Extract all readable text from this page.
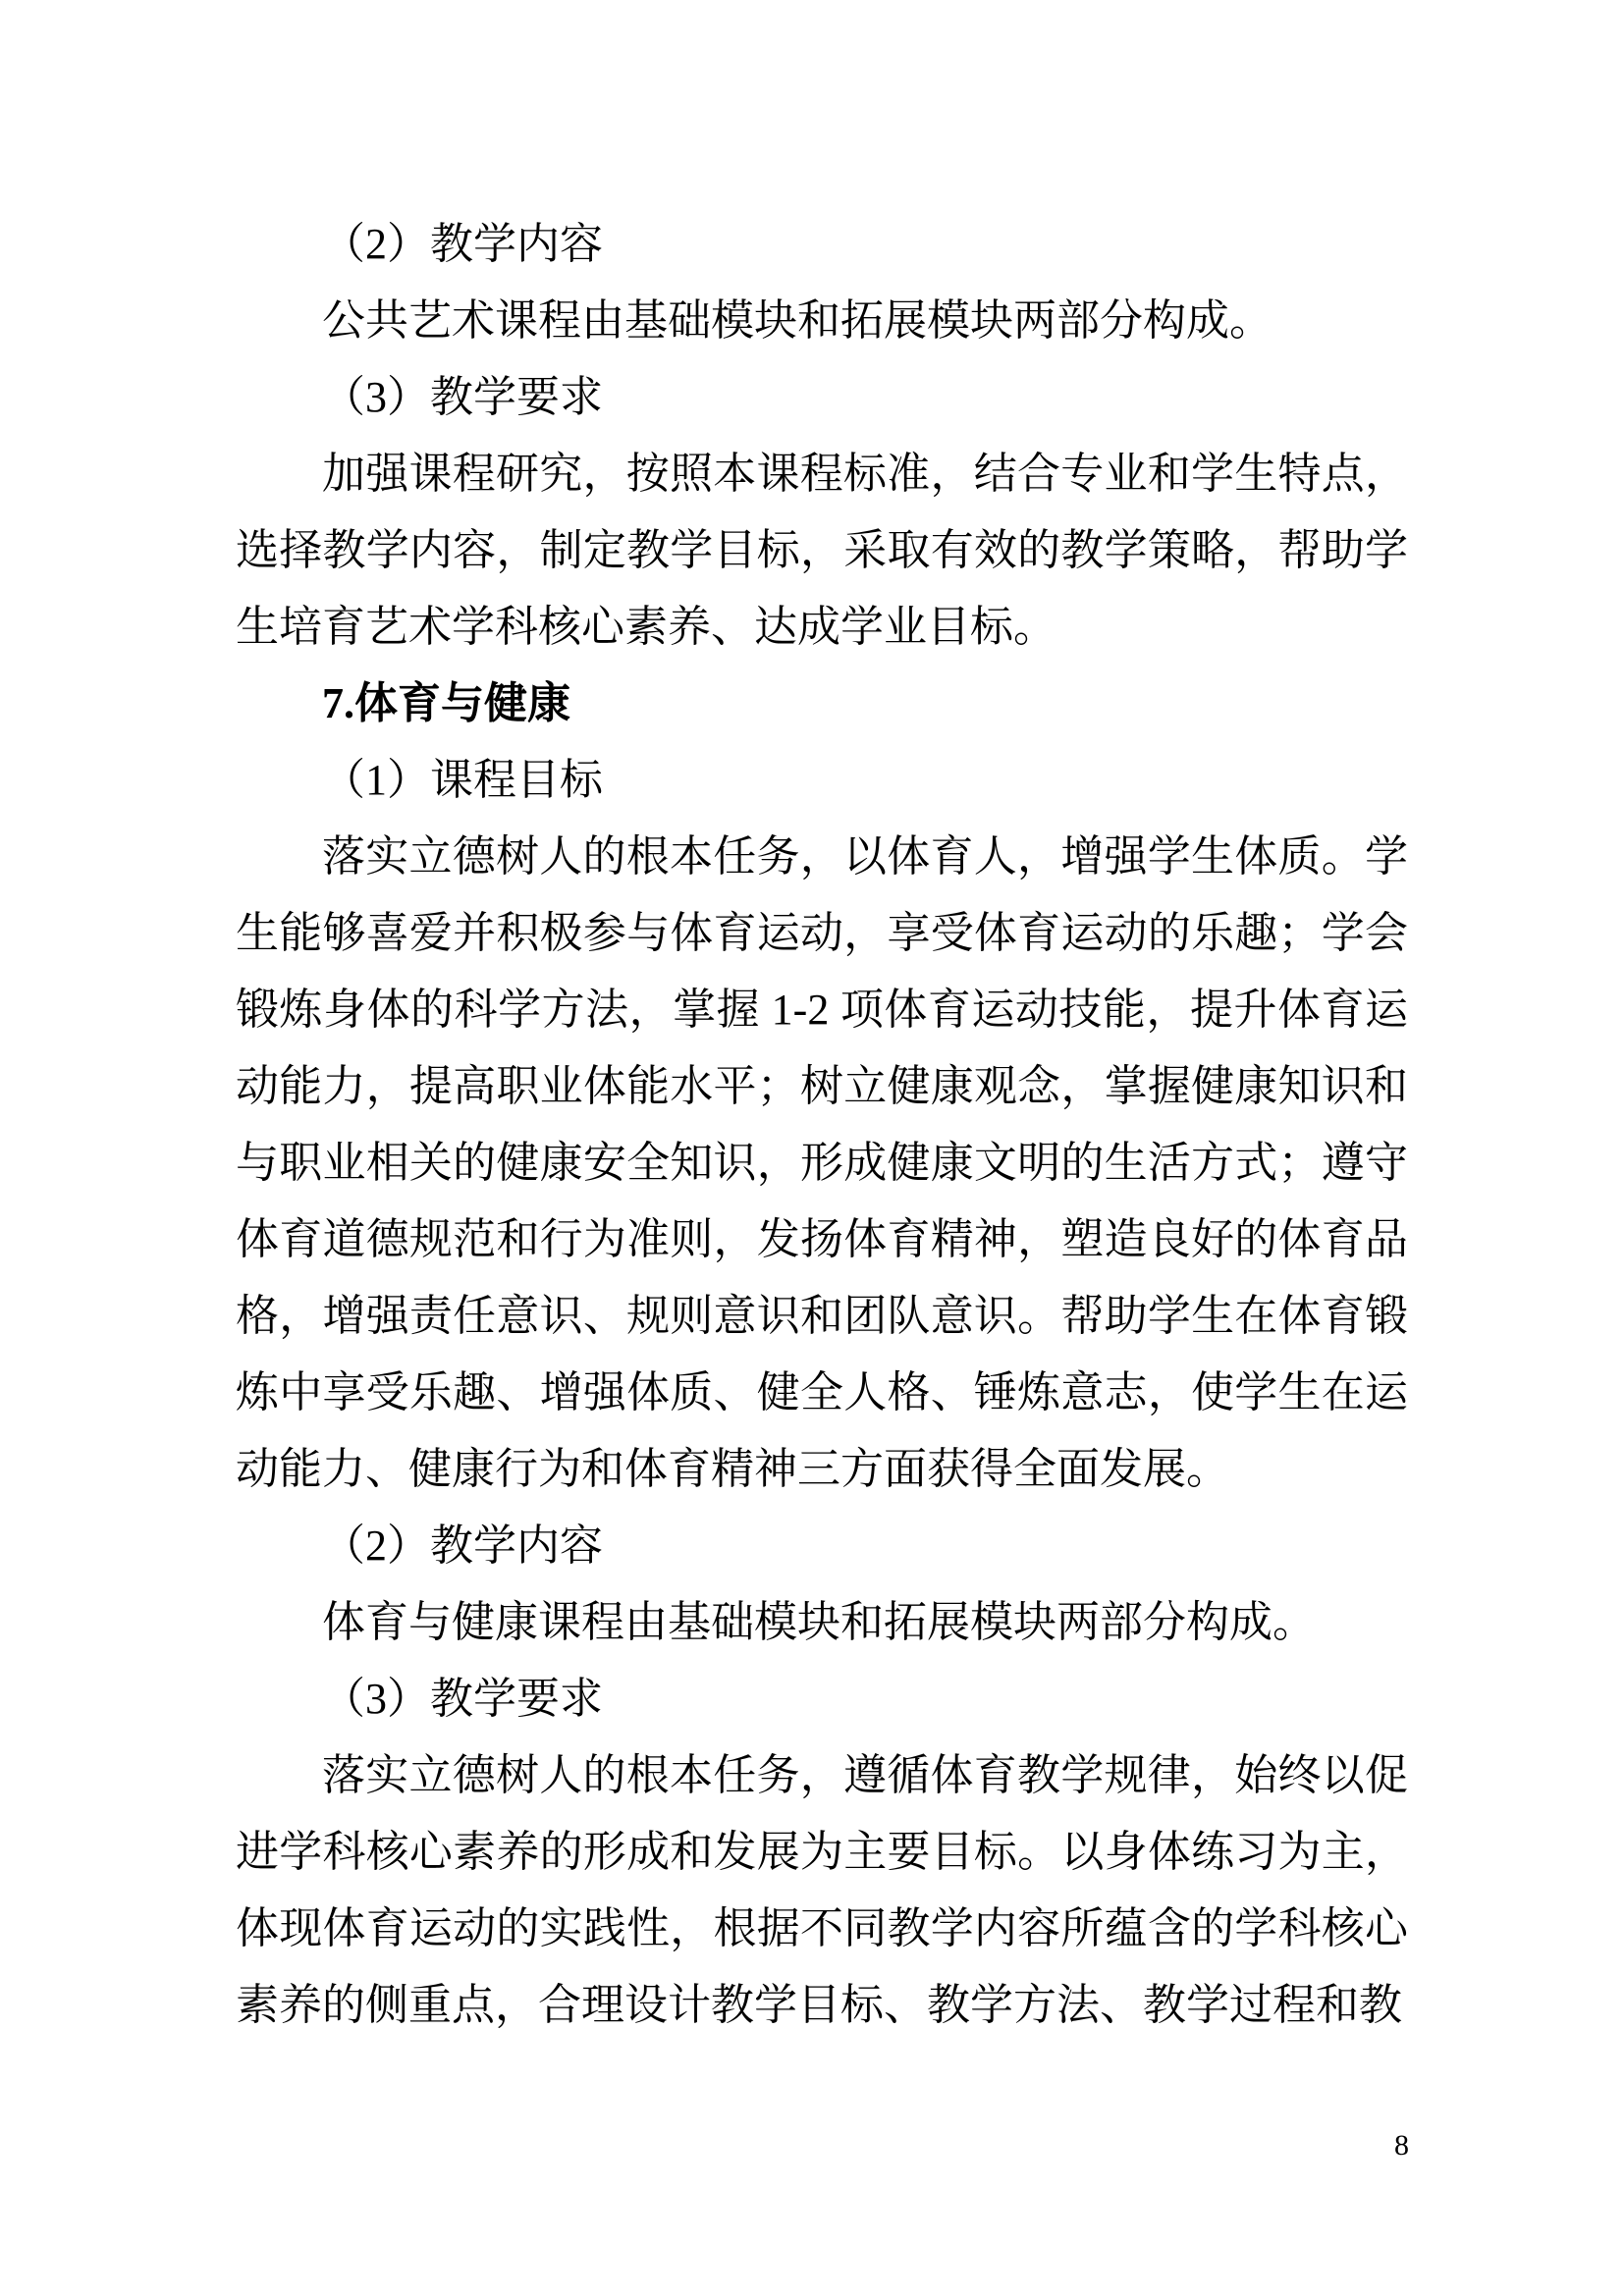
（2）教学内容

公共艺术课程由基础模块和拓展模块两部分构成。

（3）教学要求

加强课程研究，按照本课程标准，结合专业和学生特点，选择教学内容，制定教学目标，采取有效的教学策略，帮助学生培育艺术学科核心素养、达成学业目标。

7.体育与健康

（1）课程目标

落实立德树人的根本任务，以体育人，增强学生体质。学生能够喜爱并积极参与体育运动，享受体育运动的乐趣；学会锻炼身体的科学方法，掌握 1-2 项体育运动技能，提升体育运动能力，提高职业体能水平；树立健康观念，掌握健康知识和与职业相关的健康安全知识，形成健康文明的生活方式；遵守体育道德规范和行为准则，发扬体育精神，塑造良好的体育品格，增强责任意识、规则意识和团队意识。帮助学生在体育锻炼中享受乐趣、增强体质、健全人格、锤炼意志，使学生在运动能力、健康行为和体育精神三方面获得全面发展。

（2）教学内容

体育与健康课程由基础模块和拓展模块两部分构成。

（3）教学要求

落实立德树人的根本任务，遵循体育教学规律，始终以促进学科核心素养的形成和发展为主要目标。以身体练习为主，体现体育运动的实践性，根据不同教学内容所蕴含的学科核心素养的侧重点，合理设计教学目标、教学方法、教学过程和教

8
